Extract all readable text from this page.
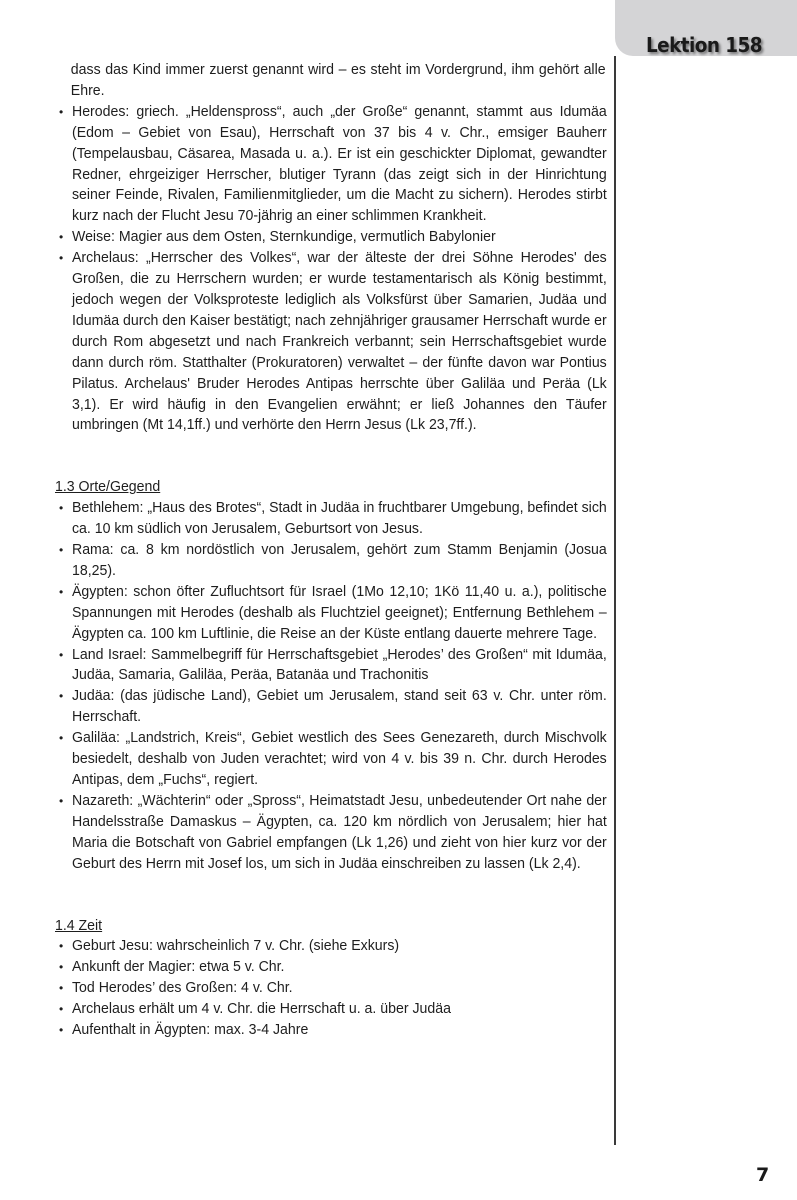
Lektion 158

dass das Kind immer zuerst genannt wird – es steht im Vordergrund, ihm gehört alle Ehre.

• Herodes: griech. „Heldenspross“, auch „der Große“ genannt, stammt aus Idumäa (Edom – Gebiet von Esau), Herrschaft von 37 bis 4 v. Chr., emsiger Bauherr (Tempelausbau, Cäsarea, Masada u. a.). Er ist ein geschickter Diplomat, gewandter Redner, ehrgeiziger Herrscher, blutiger Tyrann (das zeigt sich in der Hinrichtung seiner Feinde, Rivalen, Familienmitglieder, um die Macht zu sichern). Herodes stirbt kurz nach der Flucht Jesu 70-jährig an einer schlimmen Krankheit.
• Weise: Magier aus dem Osten, Sternkundige, vermutlich Babylonier
• Archelaus: „Herrscher des Volkes“, war der älteste der drei Söhne Herodes' des Großen, die zu Herrschern wurden; er wurde testamentarisch als König bestimmt, jedoch wegen der Volksproteste lediglich als Volksfürst über Samarien, Judäa und Idumäa durch den Kaiser bestätigt; nach zehnjähriger grausamer Herrschaft wurde er durch Rom abgesetzt und nach Frankreich verbannt; sein Herrschaftsgebiet wurde dann durch röm. Statthalter (Prokuratoren) verwaltet – der fünfte davon war Pontius Pilatus. Archelaus' Bruder Herodes Antipas herrschte über Galiläa und Peräa (Lk 3,1). Er wird häufig in den Evangelien erwähnt; er ließ Johannes den Täufer umbringen (Mt 14,1ff.) und verhörte den Herrn Jesus (Lk 23,7ff.).
1.3 Orte/Gegend
• Bethlehem: „Haus des Brotes“, Stadt in Judäa in fruchtbarer Umgebung, befindet sich ca. 10 km südlich von Jerusalem, Geburtsort von Jesus.
• Rama: ca. 8 km nordöstlich von Jerusalem, gehört zum Stamm Benjamin (Josua 18,25).
• Ägypten: schon öfter Zufluchtsort für Israel (1Mo 12,10; 1Kö 11,40 u. a.), politische Spannungen mit Herodes (deshalb als Fluchtziel geeignet); Entfernung Bethlehem – Ägypten ca. 100 km Luftlinie, die Reise an der Küste entlang dauerte mehrere Tage.
• Land Israel: Sammelbegriff für Herrschaftsgebiet „Herodes’ des Großen“ mit Idumäa, Judäa, Samaria, Galiläa, Peräa, Batanäa und Trachonitis
• Judäa: (das jüdische Land), Gebiet um Jerusalem, stand seit 63 v. Chr. unter röm. Herrschaft.
• Galiläa: „Landstrich, Kreis“, Gebiet westlich des Sees Genezareth, durch Mischvolk besiedelt, deshalb von Juden verachtet; wird von 4 v. bis 39 n. Chr. durch Herodes Antipas, dem „Fuchs“, regiert.
• Nazareth: „Wächterin“ oder „Spross“, Heimatstadt Jesu, unbedeutender Ort nahe der Handelsstraße Damaskus – Ägypten, ca. 120 km nördlich von Jerusalem; hier hat Maria die Botschaft von Gabriel empfangen (Lk 1,26) und zieht von hier kurz vor der Geburt des Herrn mit Josef los, um sich in Judäa einschreiben zu lassen (Lk 2,4).
1.4 Zeit
• Geburt Jesu: wahrscheinlich 7 v. Chr. (siehe Exkurs)
• Ankunft der Magier: etwa 5 v. Chr.
• Tod Herodes’ des Großen: 4 v. Chr.
• Archelaus erhält um 4 v. Chr. die Herrschaft u. a. über Judäa
• Aufenthalt in Ägypten: max. 3-4 Jahre
7
